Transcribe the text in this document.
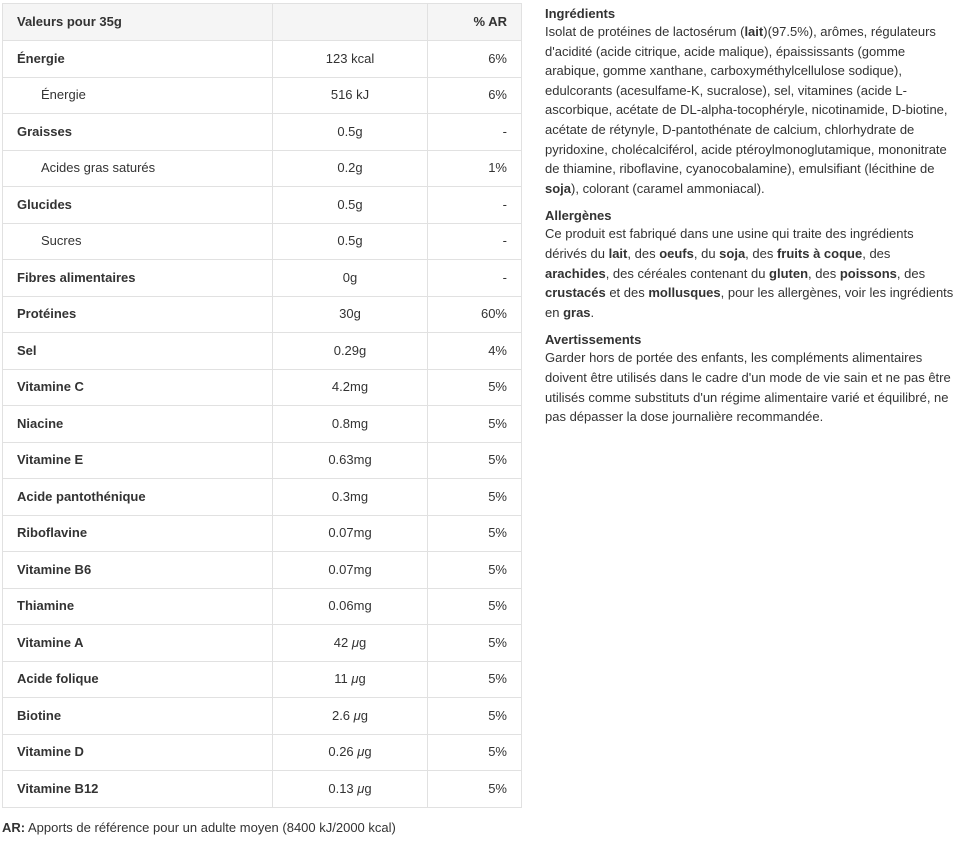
Valeurs pour 35g		% AR
Énergie	123 kcal	6%
Énergie	516 kJ	6%
Graisses	0.5g	-
Acides gras saturés	0.2g	1%
Glucides	0.5g	-
Sucres	0.5g	-
Fibres alimentaires	0g	-
Protéines	30g	60%
Sel	0.29g	4%
Vitamine C	4.2mg	5%
Niacine	0.8mg	5%
Vitamine E	0.63mg	5%
Acide pantothénique	0.3mg	5%
Riboflavine	0.07mg	5%
Vitamine B6	0.07mg	5%
Thiamine	0.06mg	5%
Vitamine A	42 μg	5%
Acide folique	11 μg	5%
Biotine	2.6 μg	5%
Vitamine D	0.26 μg	5%
Vitamine B12	0.13 μg	5%
AR: Apports de référence pour un adulte moyen (8400 kJ/2000 kcal)
Ingrédients

Isolat de protéines de lactosérum (lait)(97.5%), arômes, régulateurs d'acidité (acide citrique, acide malique), épaississants (gomme arabique, gomme xanthane, carboxyméthylcellulose sodique), edulcorants (acesulfame-K, sucralose), sel, vitamines (acide L-ascorbique, acétate de DL-alpha-tocophéryle, nicotinamide, D-biotine, acétate de rétynyle, D-pantothénate de calcium, chlorhydrate de pyridoxine, cholécalciférol, acide ptéroylmonoglutamique, mononitrate de thiamine, riboflavine, cyanocobalamine), emulsifiant (lécithine de soja), colorant (caramel ammoniacal).

Allergènes

Ce produit est fabriqué dans une usine qui traite des ingrédients dérivés du lait, des oeufs, du soja, des fruits à coque, des arachides, des céréales contenant du gluten, des poissons, des crustacés et des mollusques, pour les allergènes, voir les ingrédients en gras.

Avertissements

Garder hors de portée des enfants, les compléments alimentaires doivent être utilisés dans le cadre d'un mode de vie sain et ne pas être utilisés comme substituts d'un régime alimentaire varié et équilibré, ne pas dépasser la dose journalière recommandée.
